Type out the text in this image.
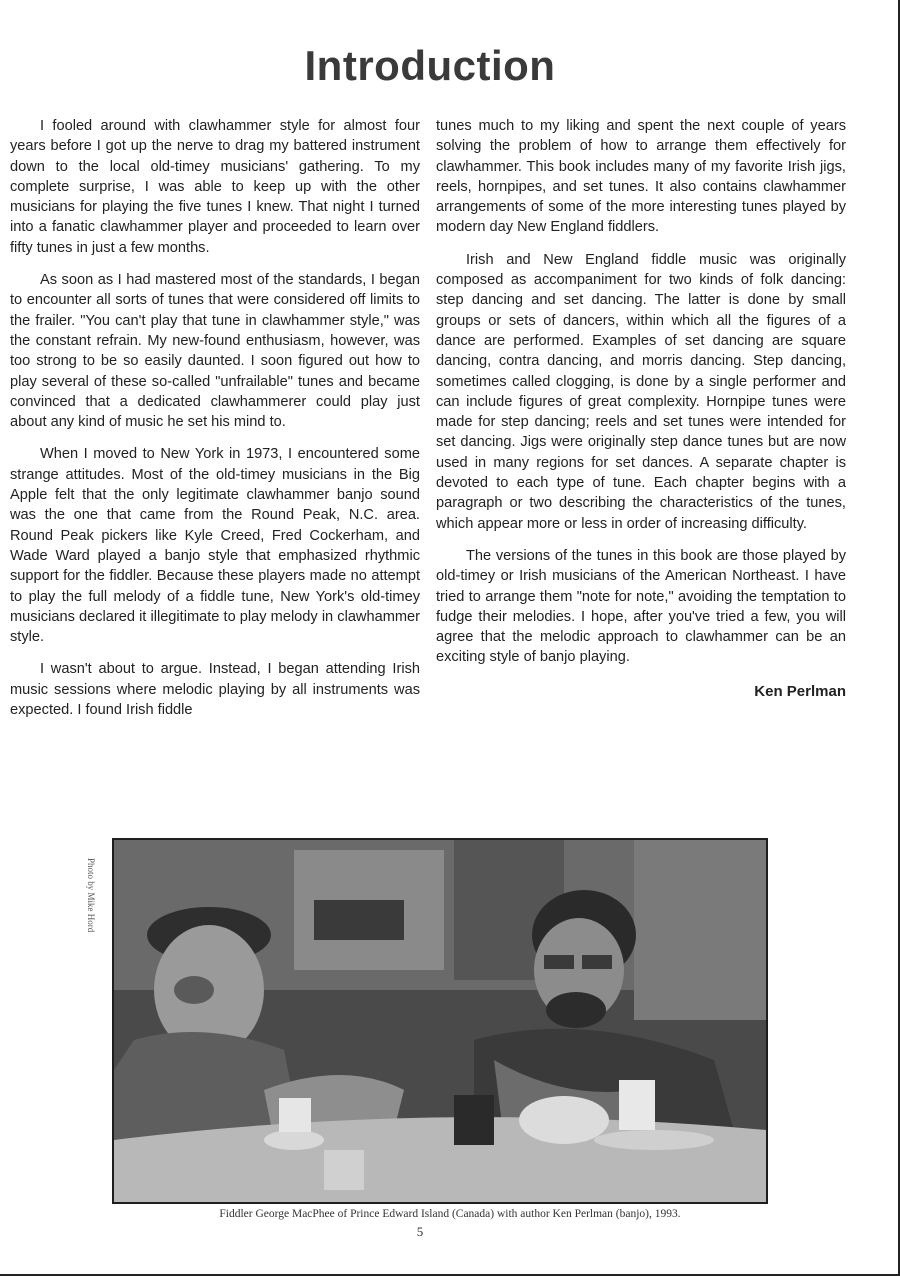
Introduction

I fooled around with clawhammer style for almost four years before I got up the nerve to drag my battered instrument down to the local old-timey musicians' gathering. To my complete surprise, I was able to keep up with the other musicians for playing the five tunes I knew. That night I turned into a fanatic clawhammer player and proceeded to learn over fifty tunes in just a few months.

As soon as I had mastered most of the standards, I began to encounter all sorts of tunes that were considered off limits to the frailer. "You can't play that tune in clawhammer style," was the constant refrain. My new-found enthusiasm, however, was too strong to be so easily daunted. I soon figured out how to play several of these so-called "unfrailable" tunes and became convinced that a dedicated clawhammerer could play just about any kind of music he set his mind to.

When I moved to New York in 1973, I encountered some strange attitudes. Most of the old-timey musicians in the Big Apple felt that the only legitimate clawhammer banjo sound was the one that came from the Round Peak, N.C. area. Round Peak pickers like Kyle Creed, Fred Cockerham, and Wade Ward played a banjo style that emphasized rhythmic support for the fiddler. Because these players made no attempt to play the full melody of a fiddle tune, New York's old-timey musicians declared it illegitimate to play melody in clawhammer style.

I wasn't about to argue. Instead, I began attending Irish music sessions where melodic playing by all instruments was expected. I found Irish fiddle

tunes much to my liking and spent the next couple of years solving the problem of how to arrange them effectively for clawhammer. This book includes many of my favorite Irish jigs, reels, hornpipes, and set tunes. It also contains clawhammer arrangements of some of the more interesting tunes played by modern day New England fiddlers.

Irish and New England fiddle music was originally composed as accompaniment for two kinds of folk dancing: step dancing and set dancing. The latter is done by small groups or sets of dancers, within which all the figures of a dance are performed. Examples of set dancing are square dancing, contra dancing, and morris dancing. Step dancing, sometimes called clogging, is done by a single performer and can include figures of great complexity. Hornpipe tunes were made for step dancing; reels and set tunes were intended for set dancing. Jigs were originally step dance tunes but are now used in many regions for set dances. A separate chapter is devoted to each type of tune. Each chapter begins with a paragraph or two describing the characteristics of the tunes, which appear more or less in order of increasing difficulty.

The versions of the tunes in this book are those played by old-timey or Irish musicians of the American Northeast. I have tried to arrange them "note for note," avoiding the temptation to fudge their melodies. I hope, after you've tried a few, you will agree that the melodic approach to clawhammer can be an exciting style of banjo playing.

Ken Perlman
Photo by Mike Hord
Fiddler George MacPhee of Prince Edward Island (Canada) with author Ken Perlman (banjo), 1993.
5
